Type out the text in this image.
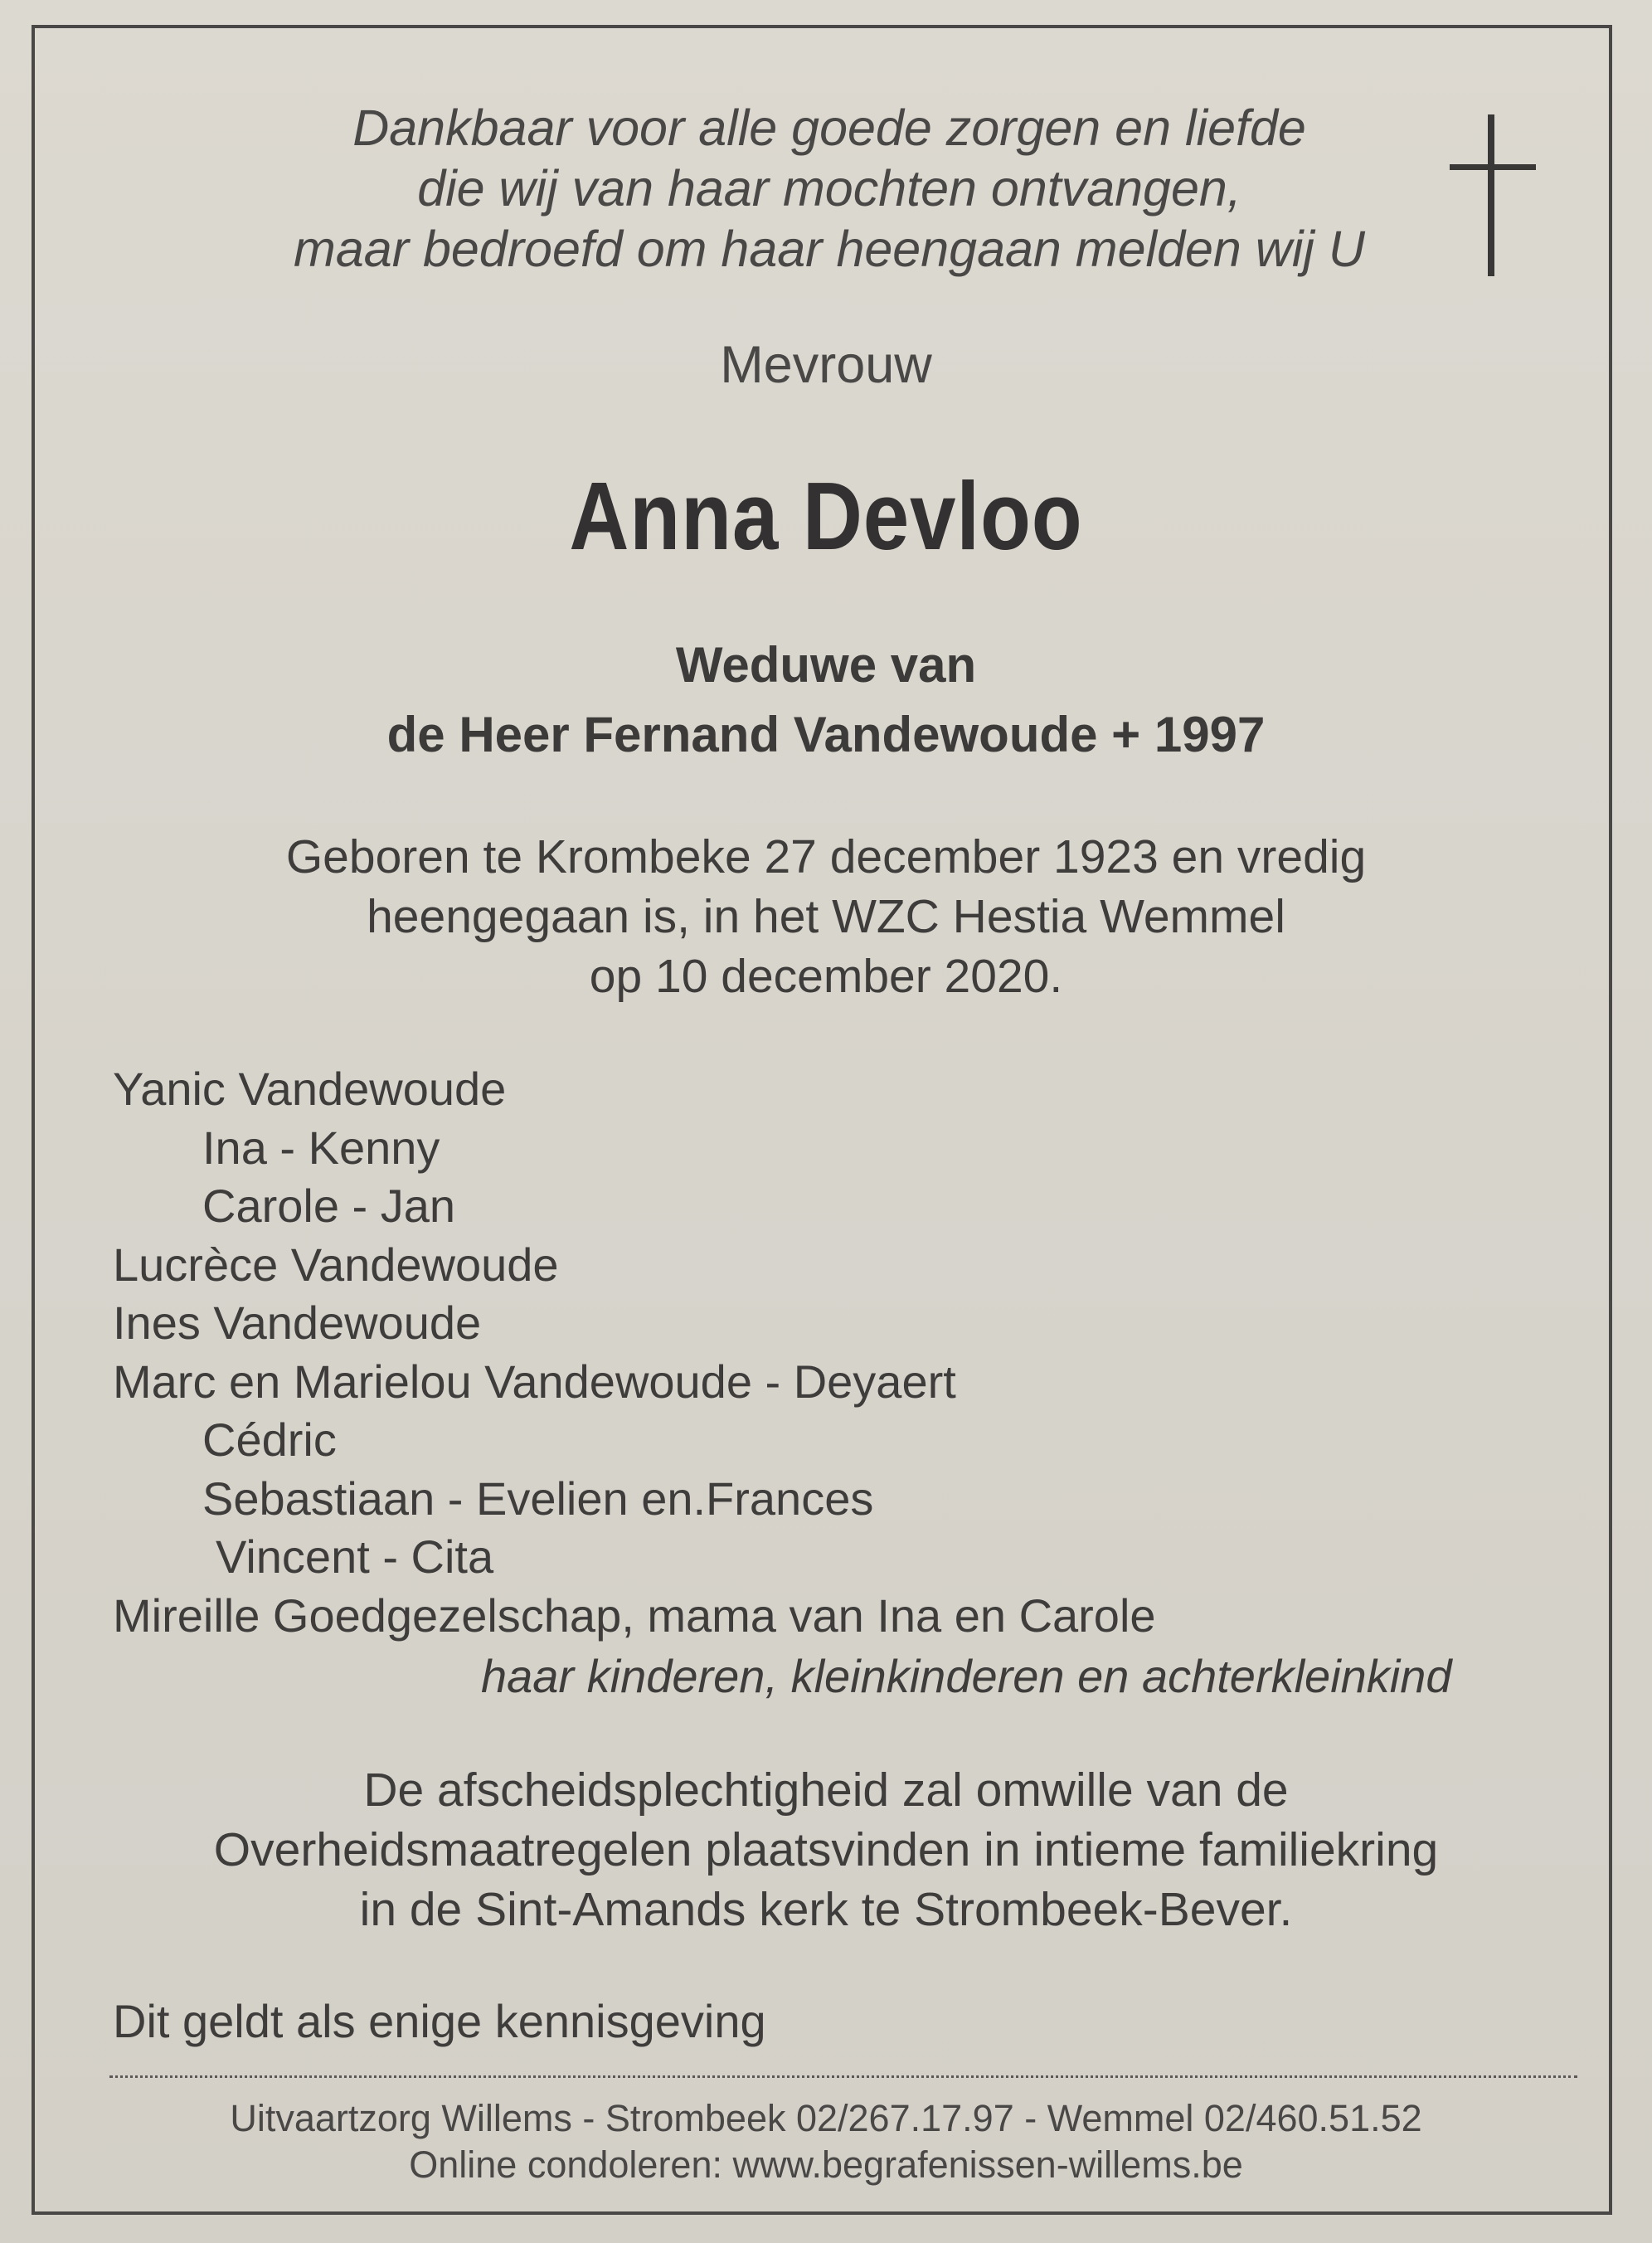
Dankbaar voor alle goede zorgen en liefde
die wij van haar mochten ontvangen,
maar bedroefd om haar heengaan melden wij U
Mevrouw
Anna Devloo
Weduwe van
de Heer Fernand Vandewoude + 1997
Geboren te Krombeke 27 december 1923 en vredig
heengegaan is, in het WZC Hestia Wemmel
op 10 december 2020.
Yanic Vandewoude
Ina - Kenny
Carole - Jan
Lucrèce Vandewoude
Ines Vandewoude
Marc en Marielou Vandewoude - Deyaert
Cédric
Sebastiaan - Evelien en.Frances
Vincent - Cita
Mireille Goedgezelschap, mama van Ina en Carole
haar kinderen, kleinkinderen en achterkleinkind
De afscheidsplechtigheid zal omwille van de
Overheidsmaatregelen plaatsvinden in intieme familiekring
in de Sint-Amands kerk te Strombeek-Bever.
Dit geldt als enige kennisgeving
Uitvaartzorg Willems - Strombeek 02/267.17.97 - Wemmel 02/460.51.52
Online condoleren: www.begrafenissen-willems.be
